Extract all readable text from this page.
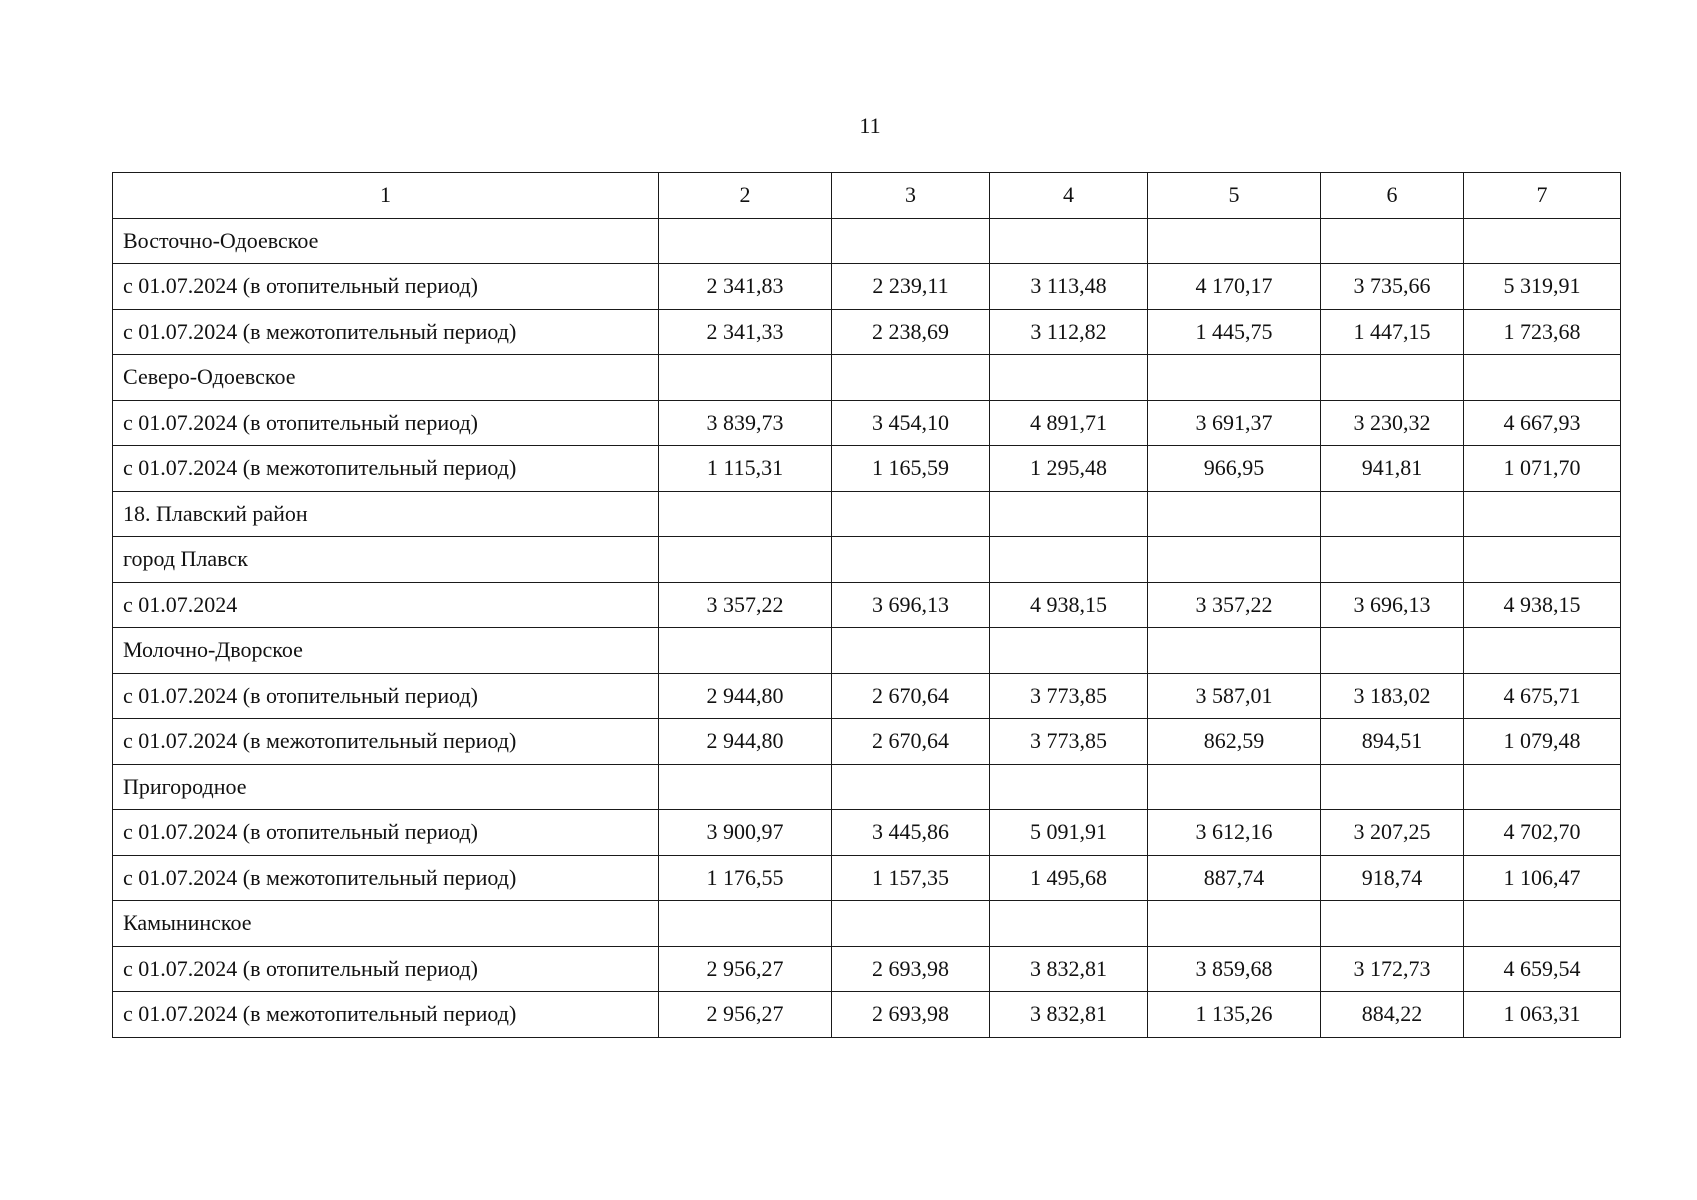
11
1	2	3	4	5	6	7
Восточно-Одоевское						
с 01.07.2024 (в отопительный период)	2 341,83	2 239,11	3 113,48	4 170,17	3 735,66	5 319,91
с 01.07.2024 (в межотопительный период)	2 341,33	2 238,69	3 112,82	1 445,75	1 447,15	1 723,68
Северо-Одоевское						
с 01.07.2024 (в отопительный период)	3 839,73	3 454,10	4 891,71	3 691,37	3 230,32	4 667,93
с 01.07.2024 (в межотопительный период)	1 115,31	1 165,59	1 295,48	966,95	941,81	1 071,70
18. Плавский район						
город Плавск						
с 01.07.2024	3 357,22	3 696,13	4 938,15	3 357,22	3 696,13	4 938,15
Молочно-Дворское						
с 01.07.2024 (в отопительный период)	2 944,80	2 670,64	3 773,85	3 587,01	3 183,02	4 675,71
с 01.07.2024 (в межотопительный период)	2 944,80	2 670,64	3 773,85	862,59	894,51	1 079,48
Пригородное						
с 01.07.2024 (в отопительный период)	3 900,97	3 445,86	5 091,91	3 612,16	3 207,25	4 702,70
с 01.07.2024 (в межотопительный период)	1 176,55	1 157,35	1 495,68	887,74	918,74	1 106,47
Камынинское						
с 01.07.2024 (в отопительный период)	2 956,27	2 693,98	3 832,81	3 859,68	3 172,73	4 659,54
с 01.07.2024 (в межотопительный период)	2 956,27	2 693,98	3 832,81	1 135,26	884,22	1 063,31
